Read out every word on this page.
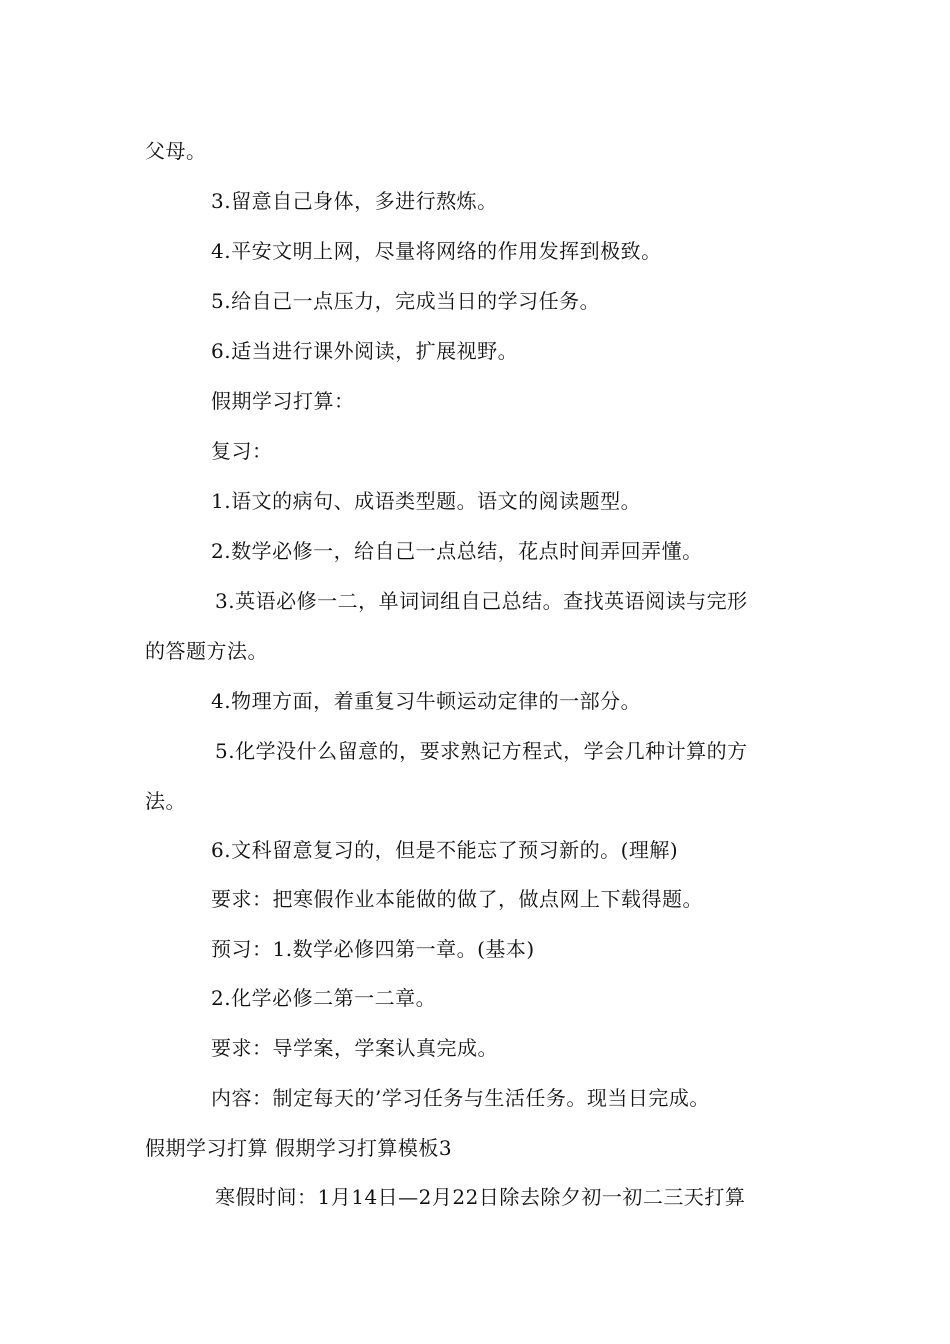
父母。
3.留意自己身体，多进行熬炼。
4.平安文明上网，尽量将网络的作用发挥到极致。
5.给自己一点压力，完成当日的学习任务。
6.适当进行课外阅读，扩展视野。
假期学习打算：
复习：
1.语文的病句、成语类型题。语文的阅读题型。
2.数学必修一，给自己一点总结，花点时间弄回弄懂。
3.英语必修一二，单词词组自己总结。查找英语阅读与完形
的答题方法。
4.物理方面，着重复习牛顿运动定律的一部分。
5.化学没什么留意的，要求熟记方程式，学会几种计算的方
法。
6.文科留意复习的，但是不能忘了预习新的。(理解)
要求：把寒假作业本能做的做了，做点网上下载得题。
预习：1.数学必修四第一章。(基本)
2.化学必修二第一二章。
要求：导学案，学案认真完成。
内容：制定每天的’学习任务与生活任务。现当日完成。
假期学习打算 假期学习打算模板3
寒假时间：1月14日—2月22日除去除夕初一初二三天打算
